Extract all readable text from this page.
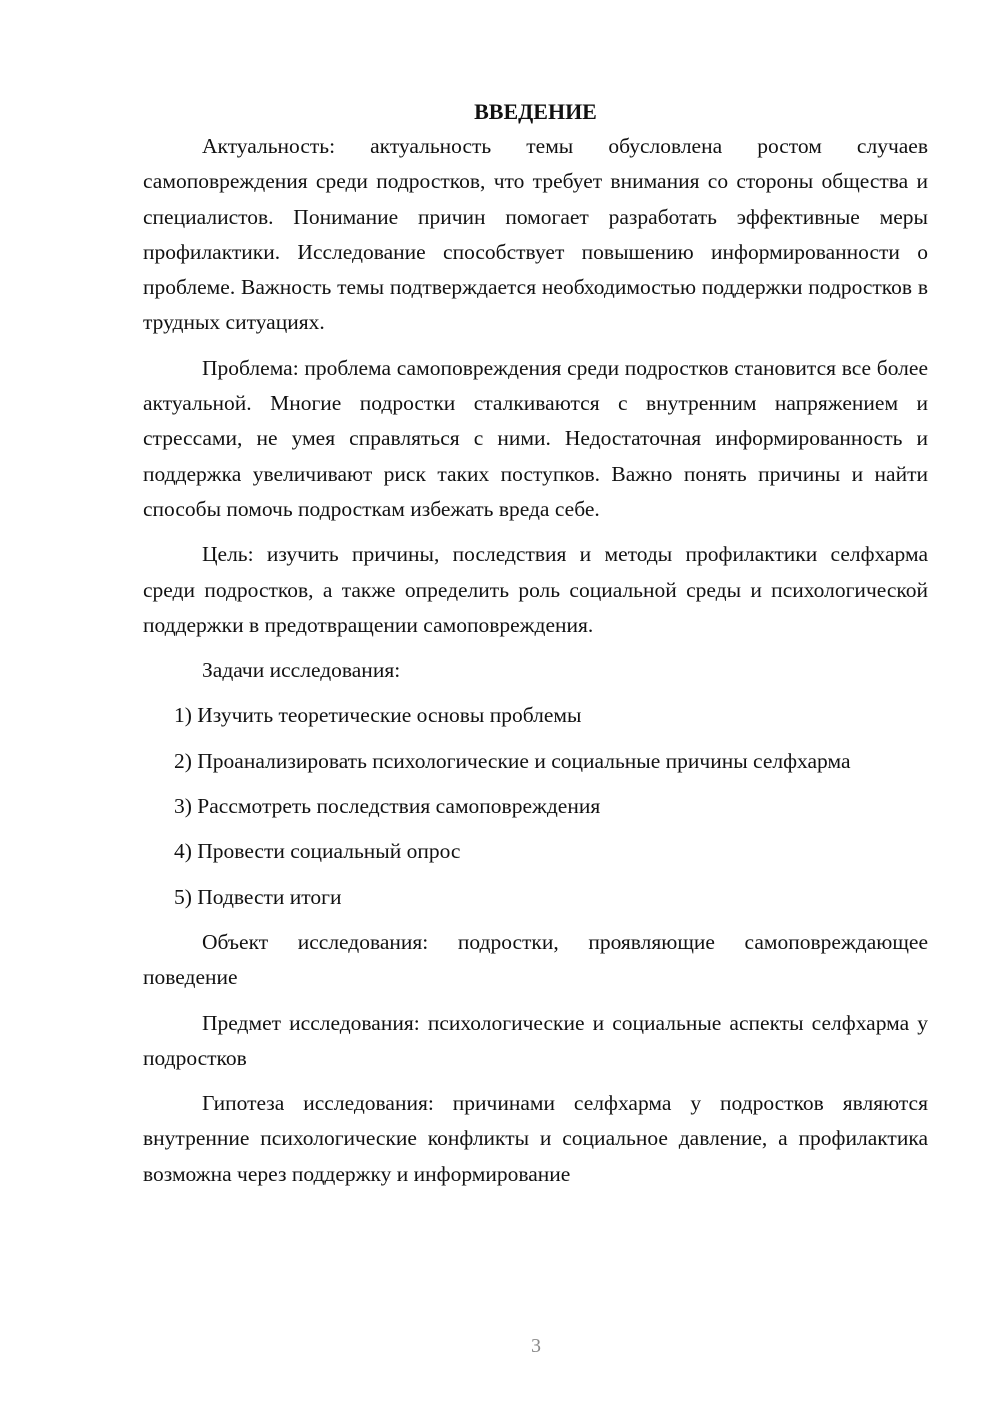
ВВЕДЕНИЕ

Актуальность: актуальность темы обусловлена ростом случаев самоповреждения среди подростков, что требует внимания со стороны общества и специалистов. Понимание причин помогает разработать эффективные меры профилактики. Исследование способствует повышению информированности о проблеме. Важность темы подтверждается необходимостью поддержки подростков в трудных ситуациях.

Проблема: проблема самоповреждения среди подростков становится все более актуальной. Многие подростки сталкиваются с внутренним напряжением и стрессами, не умея справляться с ними. Недостаточная информированность и поддержка увеличивают риск таких поступков. Важно понять причины и найти способы помочь подросткам избежать вреда себе.

Цель: изучить причины, последствия и методы профилактики селфхарма среди подростков, а также определить роль социальной среды и психологической поддержки в предотвращении самоповреждения.

Задачи исследования:

1) Изучить теоретические основы проблемы

2) Проанализировать психологические и социальные причины селфхарма

3) Рассмотреть последствия самоповреждения

4) Провести социальный опрос

5) Подвести итоги

Объект исследования: подростки, проявляющие самоповреждающее поведение

Предмет исследования: психологические и социальные аспекты селфхарма у подростков

Гипотеза исследования: причинами селфхарма у подростков являются внутренние психологические конфликты и социальное давление, а профилактика возможна через поддержку и информирование

3
